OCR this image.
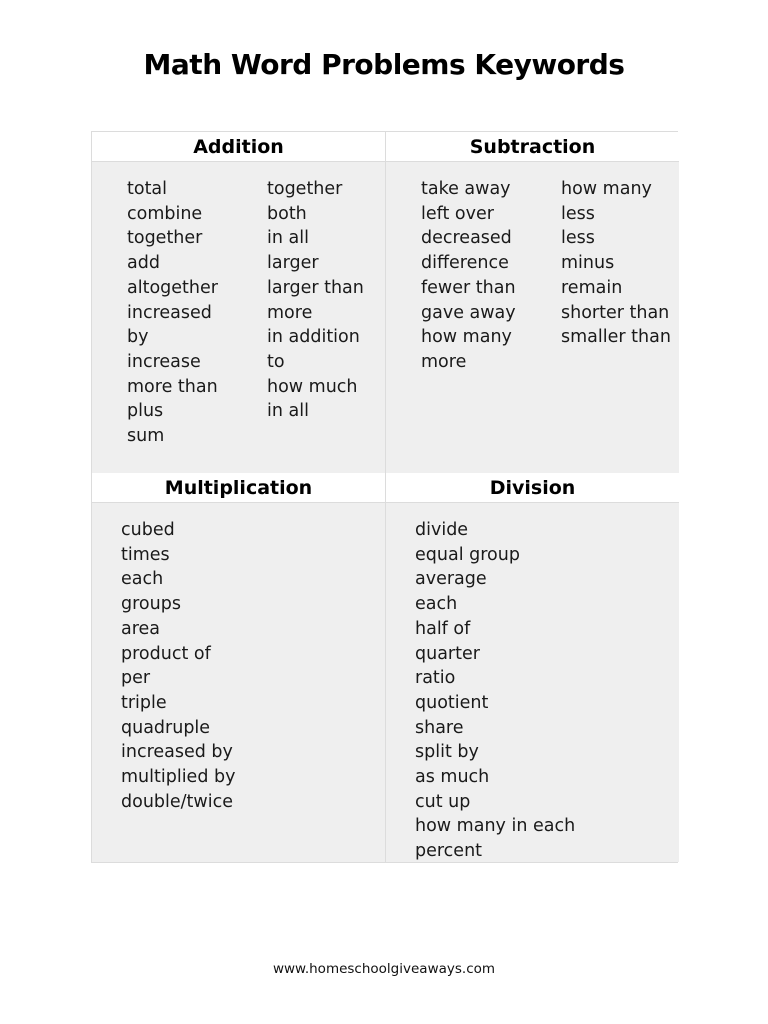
Math Word Problems Keywords
Addition
total
combine
together
add
altogether
increased
by
increase
more than
plus
sum
together
both
in all
larger
larger than
more
in addition
to
how much
in all
Subtraction
take away
left over
decreased
difference
fewer than
gave away
how many
more
how many
less
less
minus
remain
shorter than
smaller than
Multiplication
cubed
times
each
groups
area
product of
per
triple
quadruple
increased by
multiplied by
double/twice
Division
divide
equal group
average
each
half of
quarter
ratio
quotient
share
split by
as much
cut up
how many in each
percent
www.homeschoolgiveaways.com
